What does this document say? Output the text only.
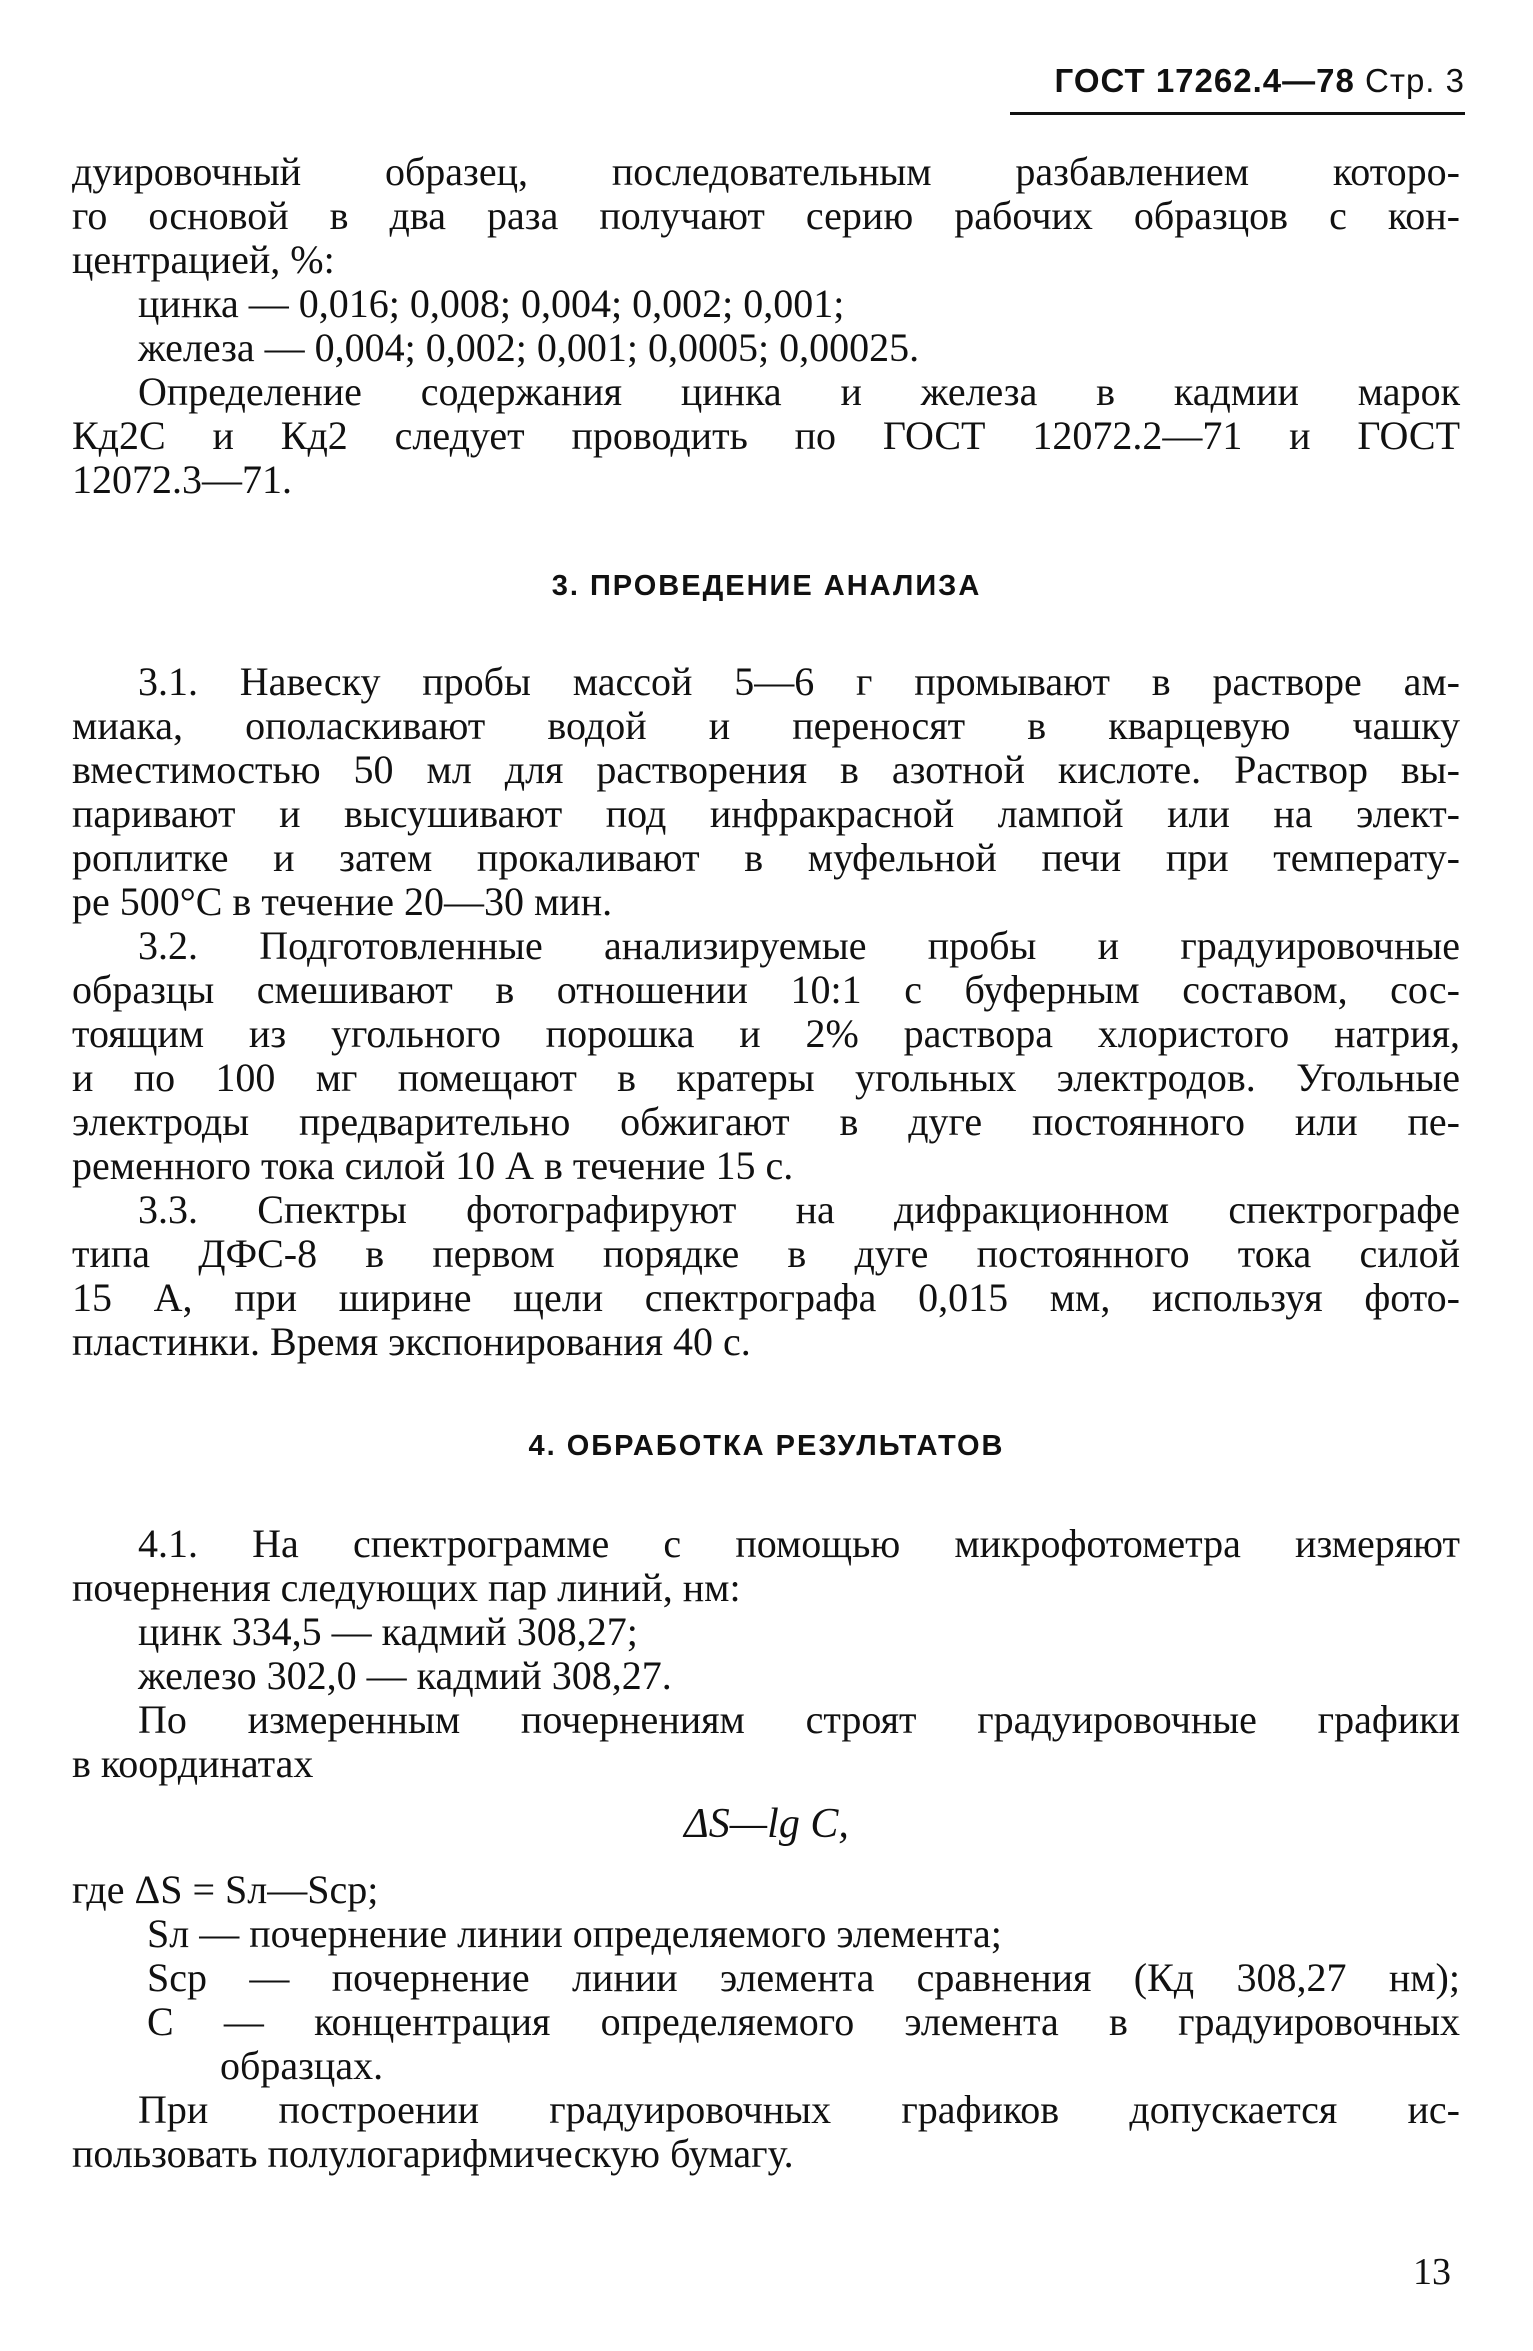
ГОСТ 17262.4—78 Стр. 3
дуировочный образец, последовательным разбавлением которо-
го основой в два раза получают серию рабочих образцов с кон-
центрацией, %:
цинка — 0,016; 0,008; 0,004; 0,002; 0,001;
железа — 0,004; 0,002; 0,001; 0,0005; 0,00025.
Определение содержания цинка и железа в кадмии марок
Кд2С и Кд2 следует проводить по ГОСТ 12072.2—71 и ГОСТ
12072.3—71.
3. ПРОВЕДЕНИЕ АНАЛИЗА
3.1. Навеску пробы массой 5—6 г промывают в растворе ам-
миака, ополаскивают водой и переносят в кварцевую чашку
вместимостью 50 мл для растворения в азотной кислоте. Раствор вы-
паривают и высушивают под инфракрасной лампой или на элект-
роплитке и затем прокаливают в муфельной печи при температу-
ре 500°С в течение 20—30 мин.
3.2. Подготовленные анализируемые пробы и градуировочные
образцы смешивают в отношении 10:1 с буферным составом, сос-
тоящим из угольного порошка и 2% раствора хлористого натрия,
и по 100 мг помещают в кратеры угольных электродов. Угольные
электроды предварительно обжигают в дуге постоянного или пе-
ременного тока силой 10 А в течение 15 с.
3.3. Спектры фотографируют на дифракционном спектрографе
типа ДФС-8 в первом порядке в дуге постоянного тока силой
15 А, при ширине щели спектрографа 0,015 мм, используя фото-
пластинки. Время экспонирования 40 с.
4. ОБРАБОТКА РЕЗУЛЬТАТОВ
4.1. На спектрограмме с помощью микрофотометра измеряют
почернения следующих пар линий, нм:
цинк 334,5 — кадмий 308,27;
железо 302,0 — кадмий 308,27.
По измеренным почернениям строят градуировочные графики
в координатах
ΔS—lg C,
где ΔS = Sл—Sср;
Sл — почернение линии определяемого элемента;
Sср — почернение линии элемента сравнения (Кд 308,27 нм);
C — концентрация определяемого элемента в градуировочных
образцах.
При построении градуировочных графиков допускается ис-
пользовать полулогарифмическую бумагу.
13
